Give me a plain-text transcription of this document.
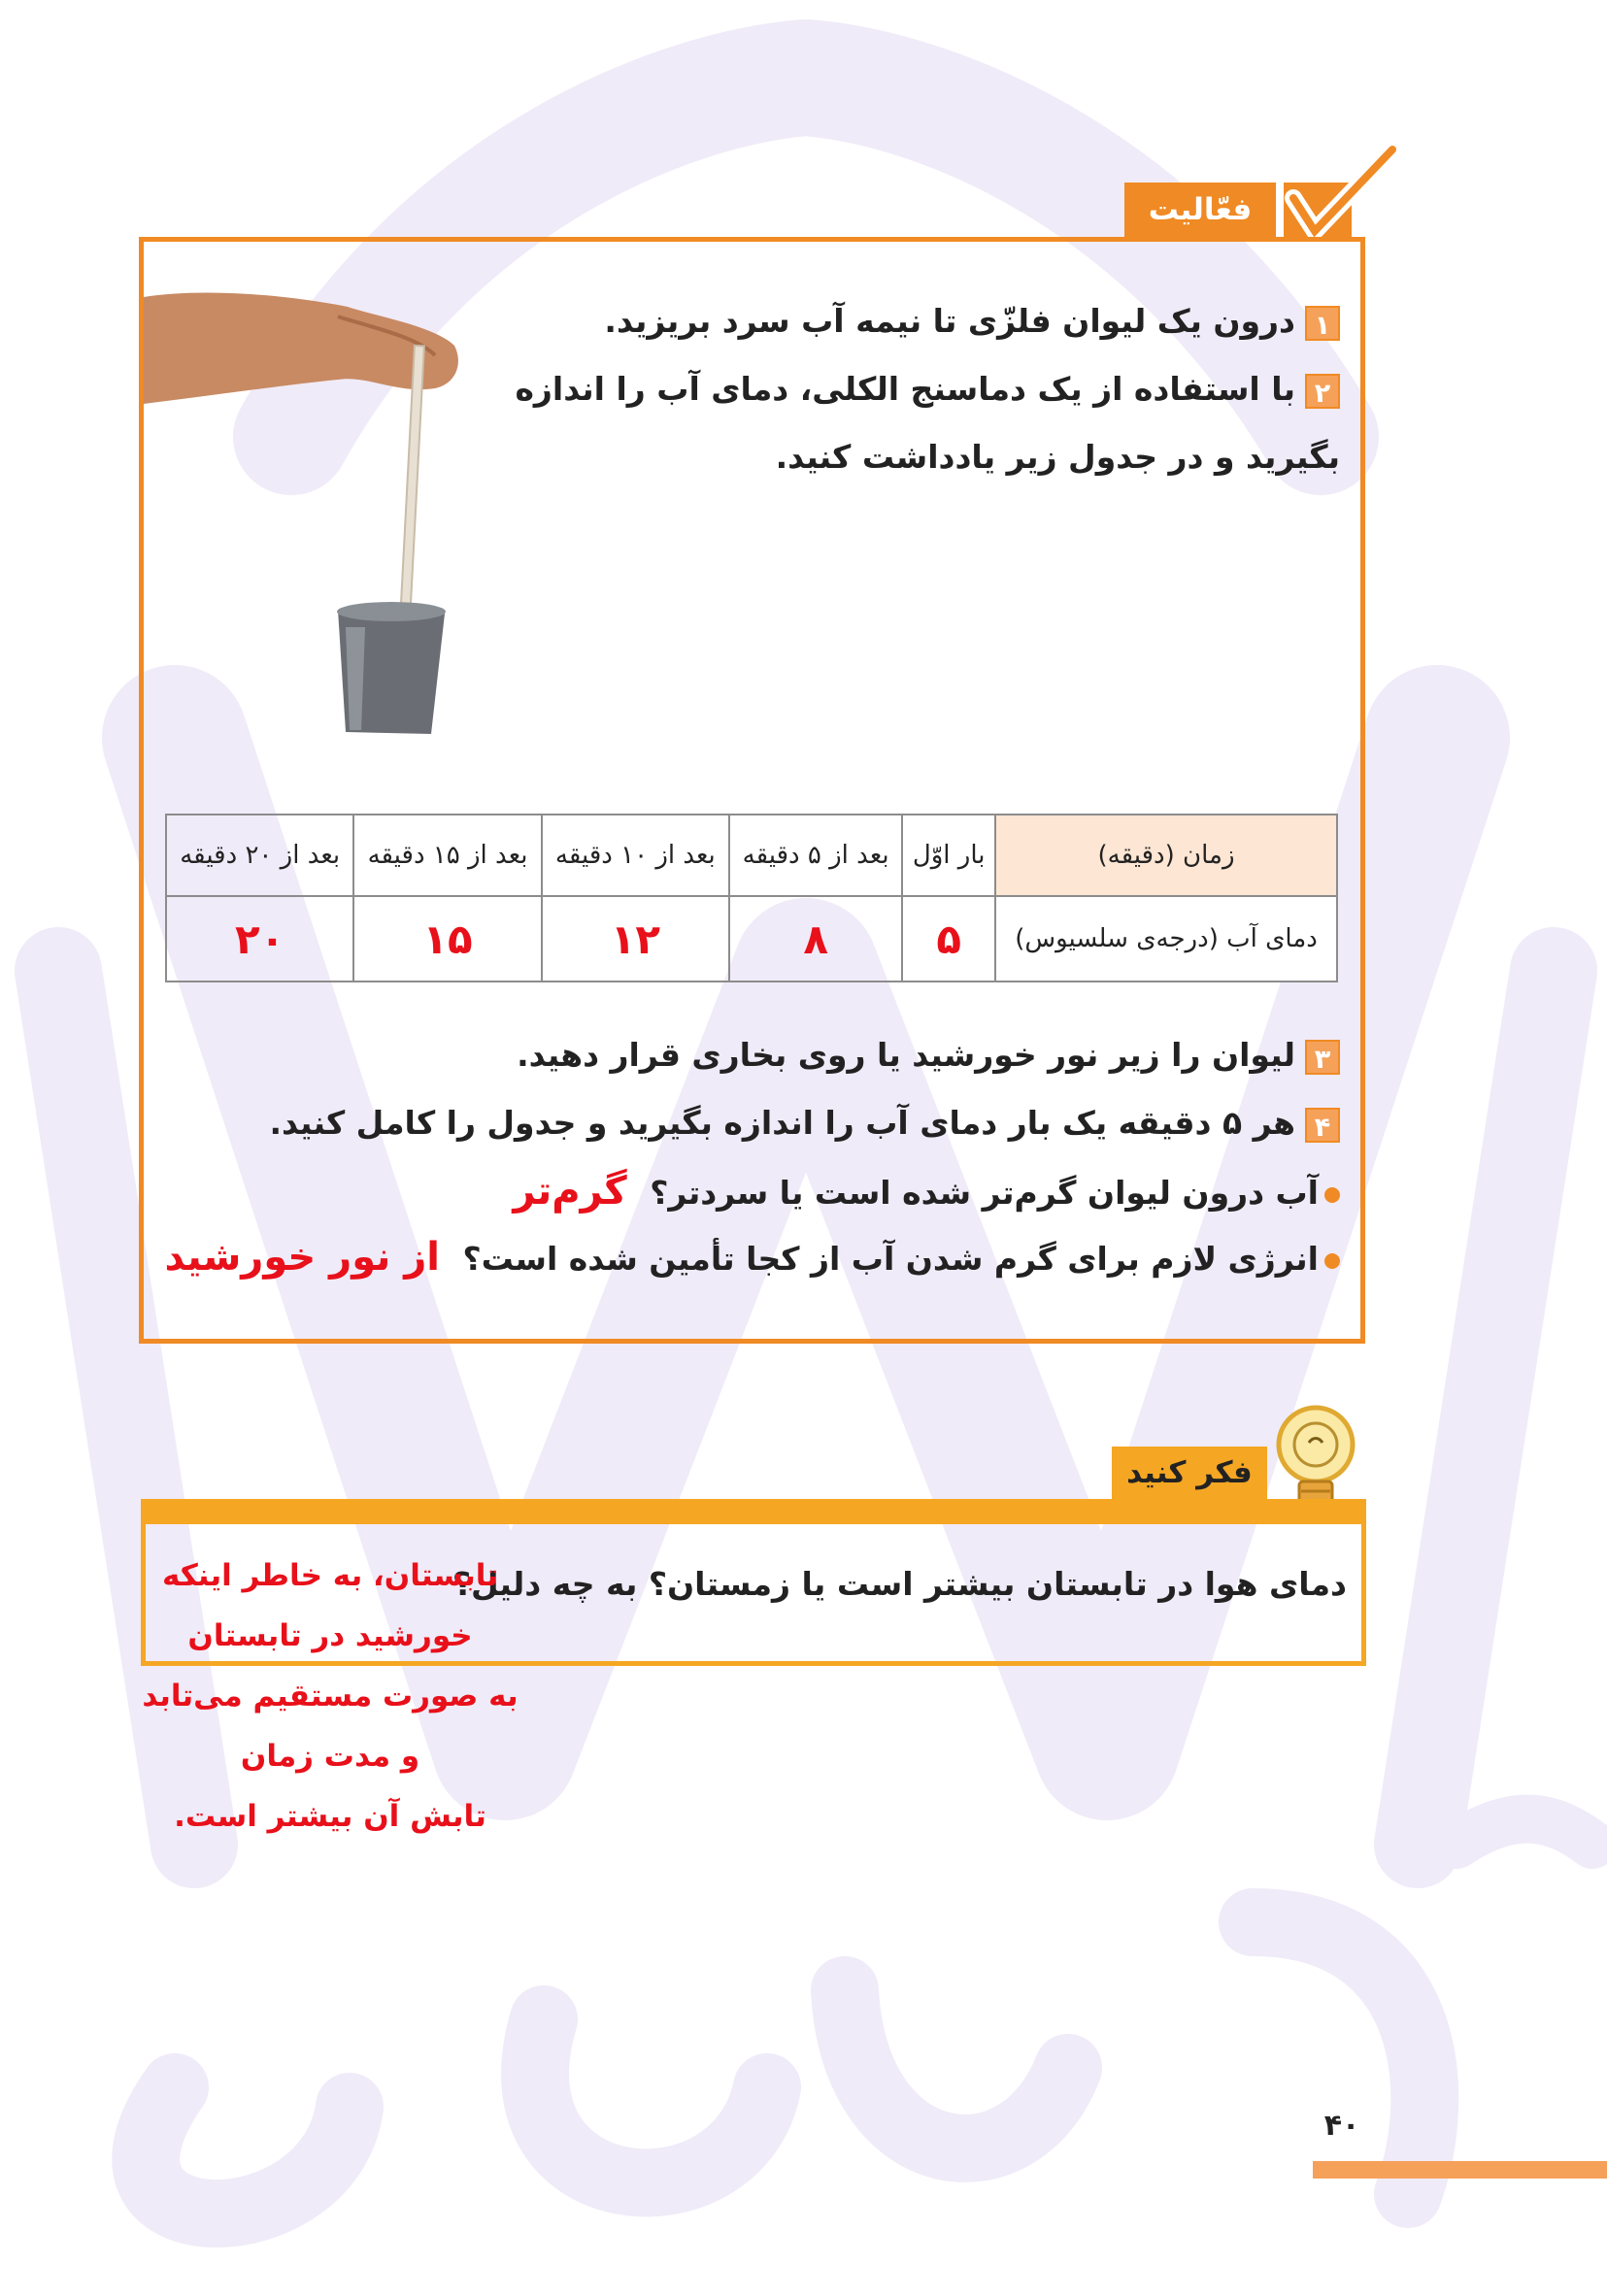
فعّالیت
۱درون یک لیوان فلزّی تا نیمه آب سرد بریزید.
۲با استفاده از یک دماسنج الکلی، دمای آب را اندازه
بگیرید و در جدول زیر یادداشت کنید.
زمان (دقیقه)	بار اوّل	بعد از ۵ دقیقه	بعد از ۱۰ دقیقه	بعد از ۱۵ دقیقه	بعد از ۲۰ دقیقه
دمای آب (درجه‌ی سلسیوس)	۵	۸	۱۲	۱۵	۲۰
۳لیوان را زیر نور خورشید یا روی بخاری قرار دهید.
۴هر ۵ دقیقه یک بار دمای آب را اندازه بگیرید و جدول را کامل کنید.
آب درون لیوان گرم‌تر شده است یا سردتر؟ گرم‌تر
انرژی لازم برای گرم شدن آب از کجا تأمین شده است؟ از نور خورشید
فکر کنید
دمای هوا در تابستان بیشتر است یا زمستان؟ به چه دلیل؟
تابستان، به خاطر اینکه
خورشید در تابستان
به صورت مستقیم می‌تابد
و مدت زمان
تابش آن بیشتر است.
۴۰
